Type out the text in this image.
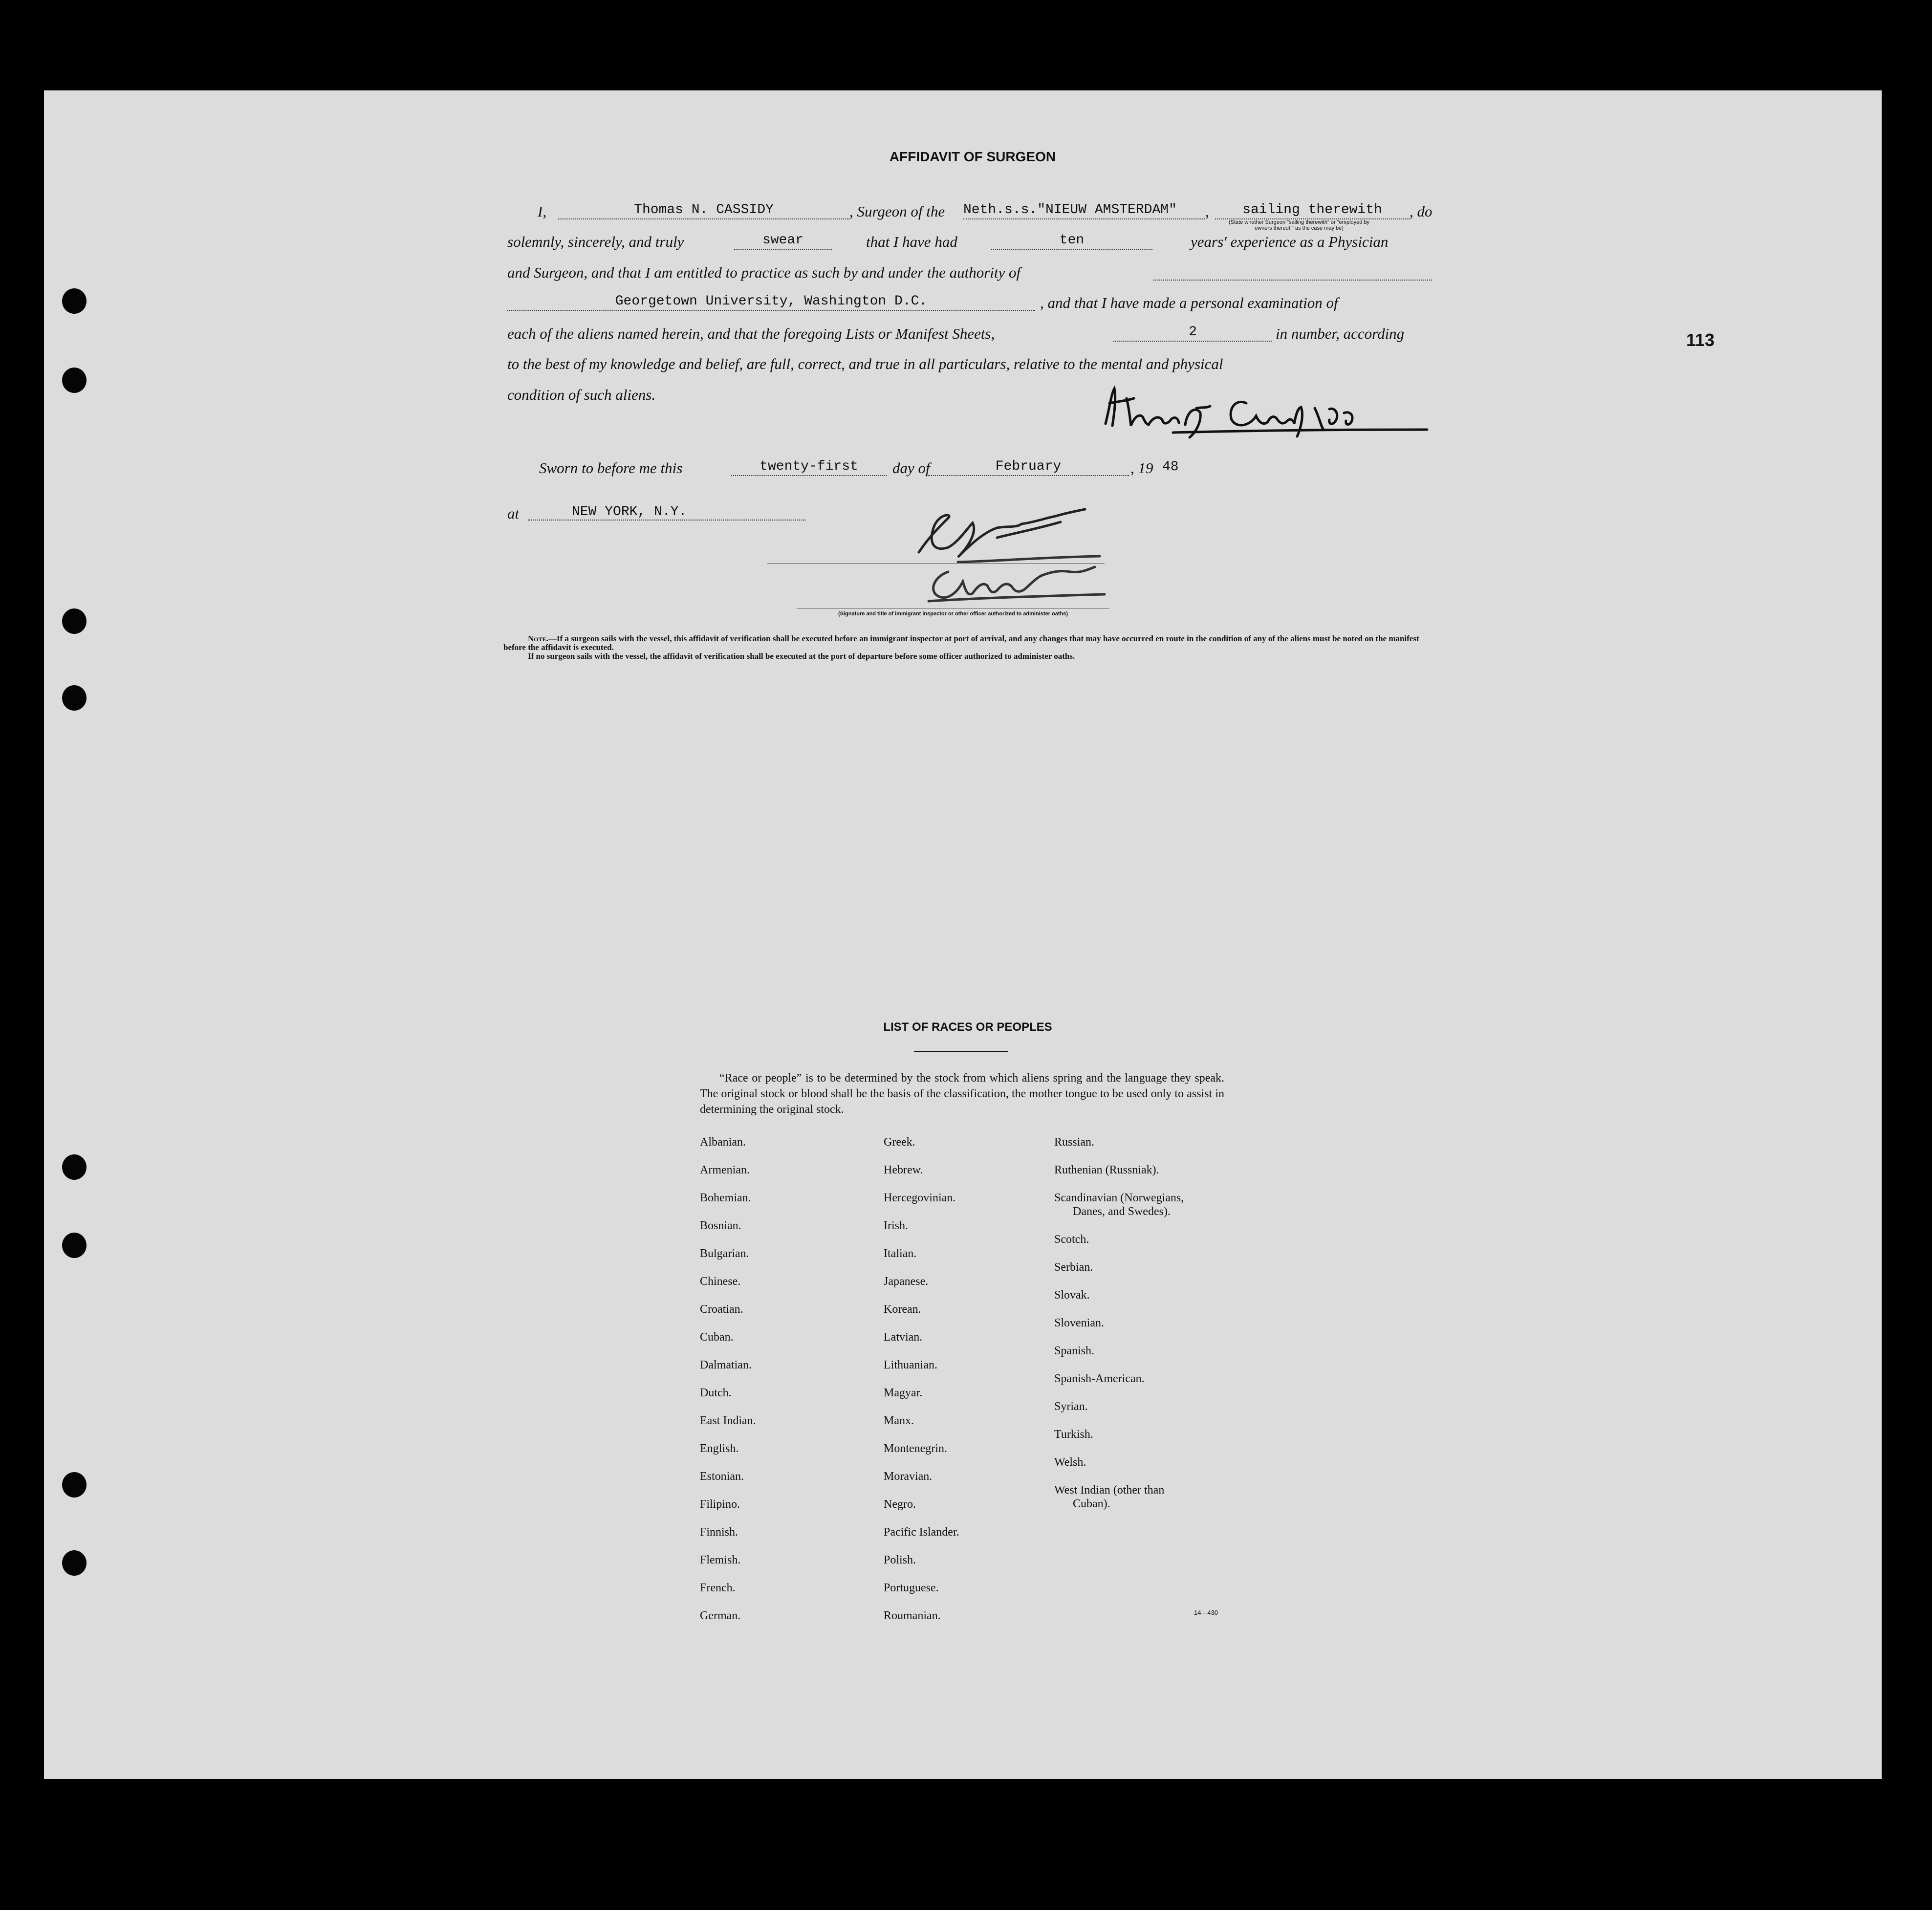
AFFIDAVIT OF SURGEON
I,	Thomas N. CASSIDY	, Surgeon of the Neth.s.s."NIEUW AMSTERDAM"	,	sailing therewith	, do
(State whether Surgeon "sailing therewith" or "employed by
owners thereof," as the case may be)
solemnly, sincerely, and truly	swear	that I have had	ten	years' experience as a Physician
and Surgeon, and that I am entitled to practice as such by and under the authority of
Georgetown University, Washington D.C.	, and that I have made a personal examination of
each of the aliens named herein, and that the foregoing Lists or Manifest Sheets,	2	in number, according
to the best of my knowledge and belief, are full, correct, and true in all particulars, relative to the mental and physical
condition of such aliens.
Sworn to before me this	twenty-first	day of	February	, 19 48
at	NEW YORK, N.Y.
(Signature and title of immigrant inspector or other officer authorized to administer oaths)
Note.—If a surgeon sails with the vessel, this affidavit of verification shall be executed before an immigrant inspector at port of arrival, and any changes that may have occurred en route in the condition of any of the aliens must be noted on the manifest before the affidavit is executed.
If no surgeon sails with the vessel, the affidavit of verification shall be executed at the port of departure before some officer authorized to administer oaths.
113
LIST OF RACES OR PEOPLES
“Race or people” is to be determined by the stock from which aliens spring and the language they speak. The original stock or blood shall be the basis of the classification, the mother tongue to be used only to assist in determining the original stock.
Albanian.
Armenian.
Bohemian.
Bosnian.
Bulgarian.
Chinese.
Croatian.
Cuban.
Dalmatian.
Dutch.
East Indian.
English.
Estonian.
Filipino.
Finnish.
Flemish.
French.
German.
Greek.
Hebrew.
Hercegovinian.
Irish.
Italian.
Japanese.
Korean.
Latvian.
Lithuanian.
Magyar.
Manx.
Montenegrin.
Moravian.
Negro.
Pacific Islander.
Polish.
Portuguese.
Roumanian.
Russian.
Ruthenian (Russniak).
Scandinavian (Norwegians,
Danes, and Swedes).
Scotch.
Serbian.
Slovak.
Slovenian.
Spanish.
Spanish-American.
Syrian.
Turkish.
Welsh.
West Indian (other than
Cuban).
14—430
